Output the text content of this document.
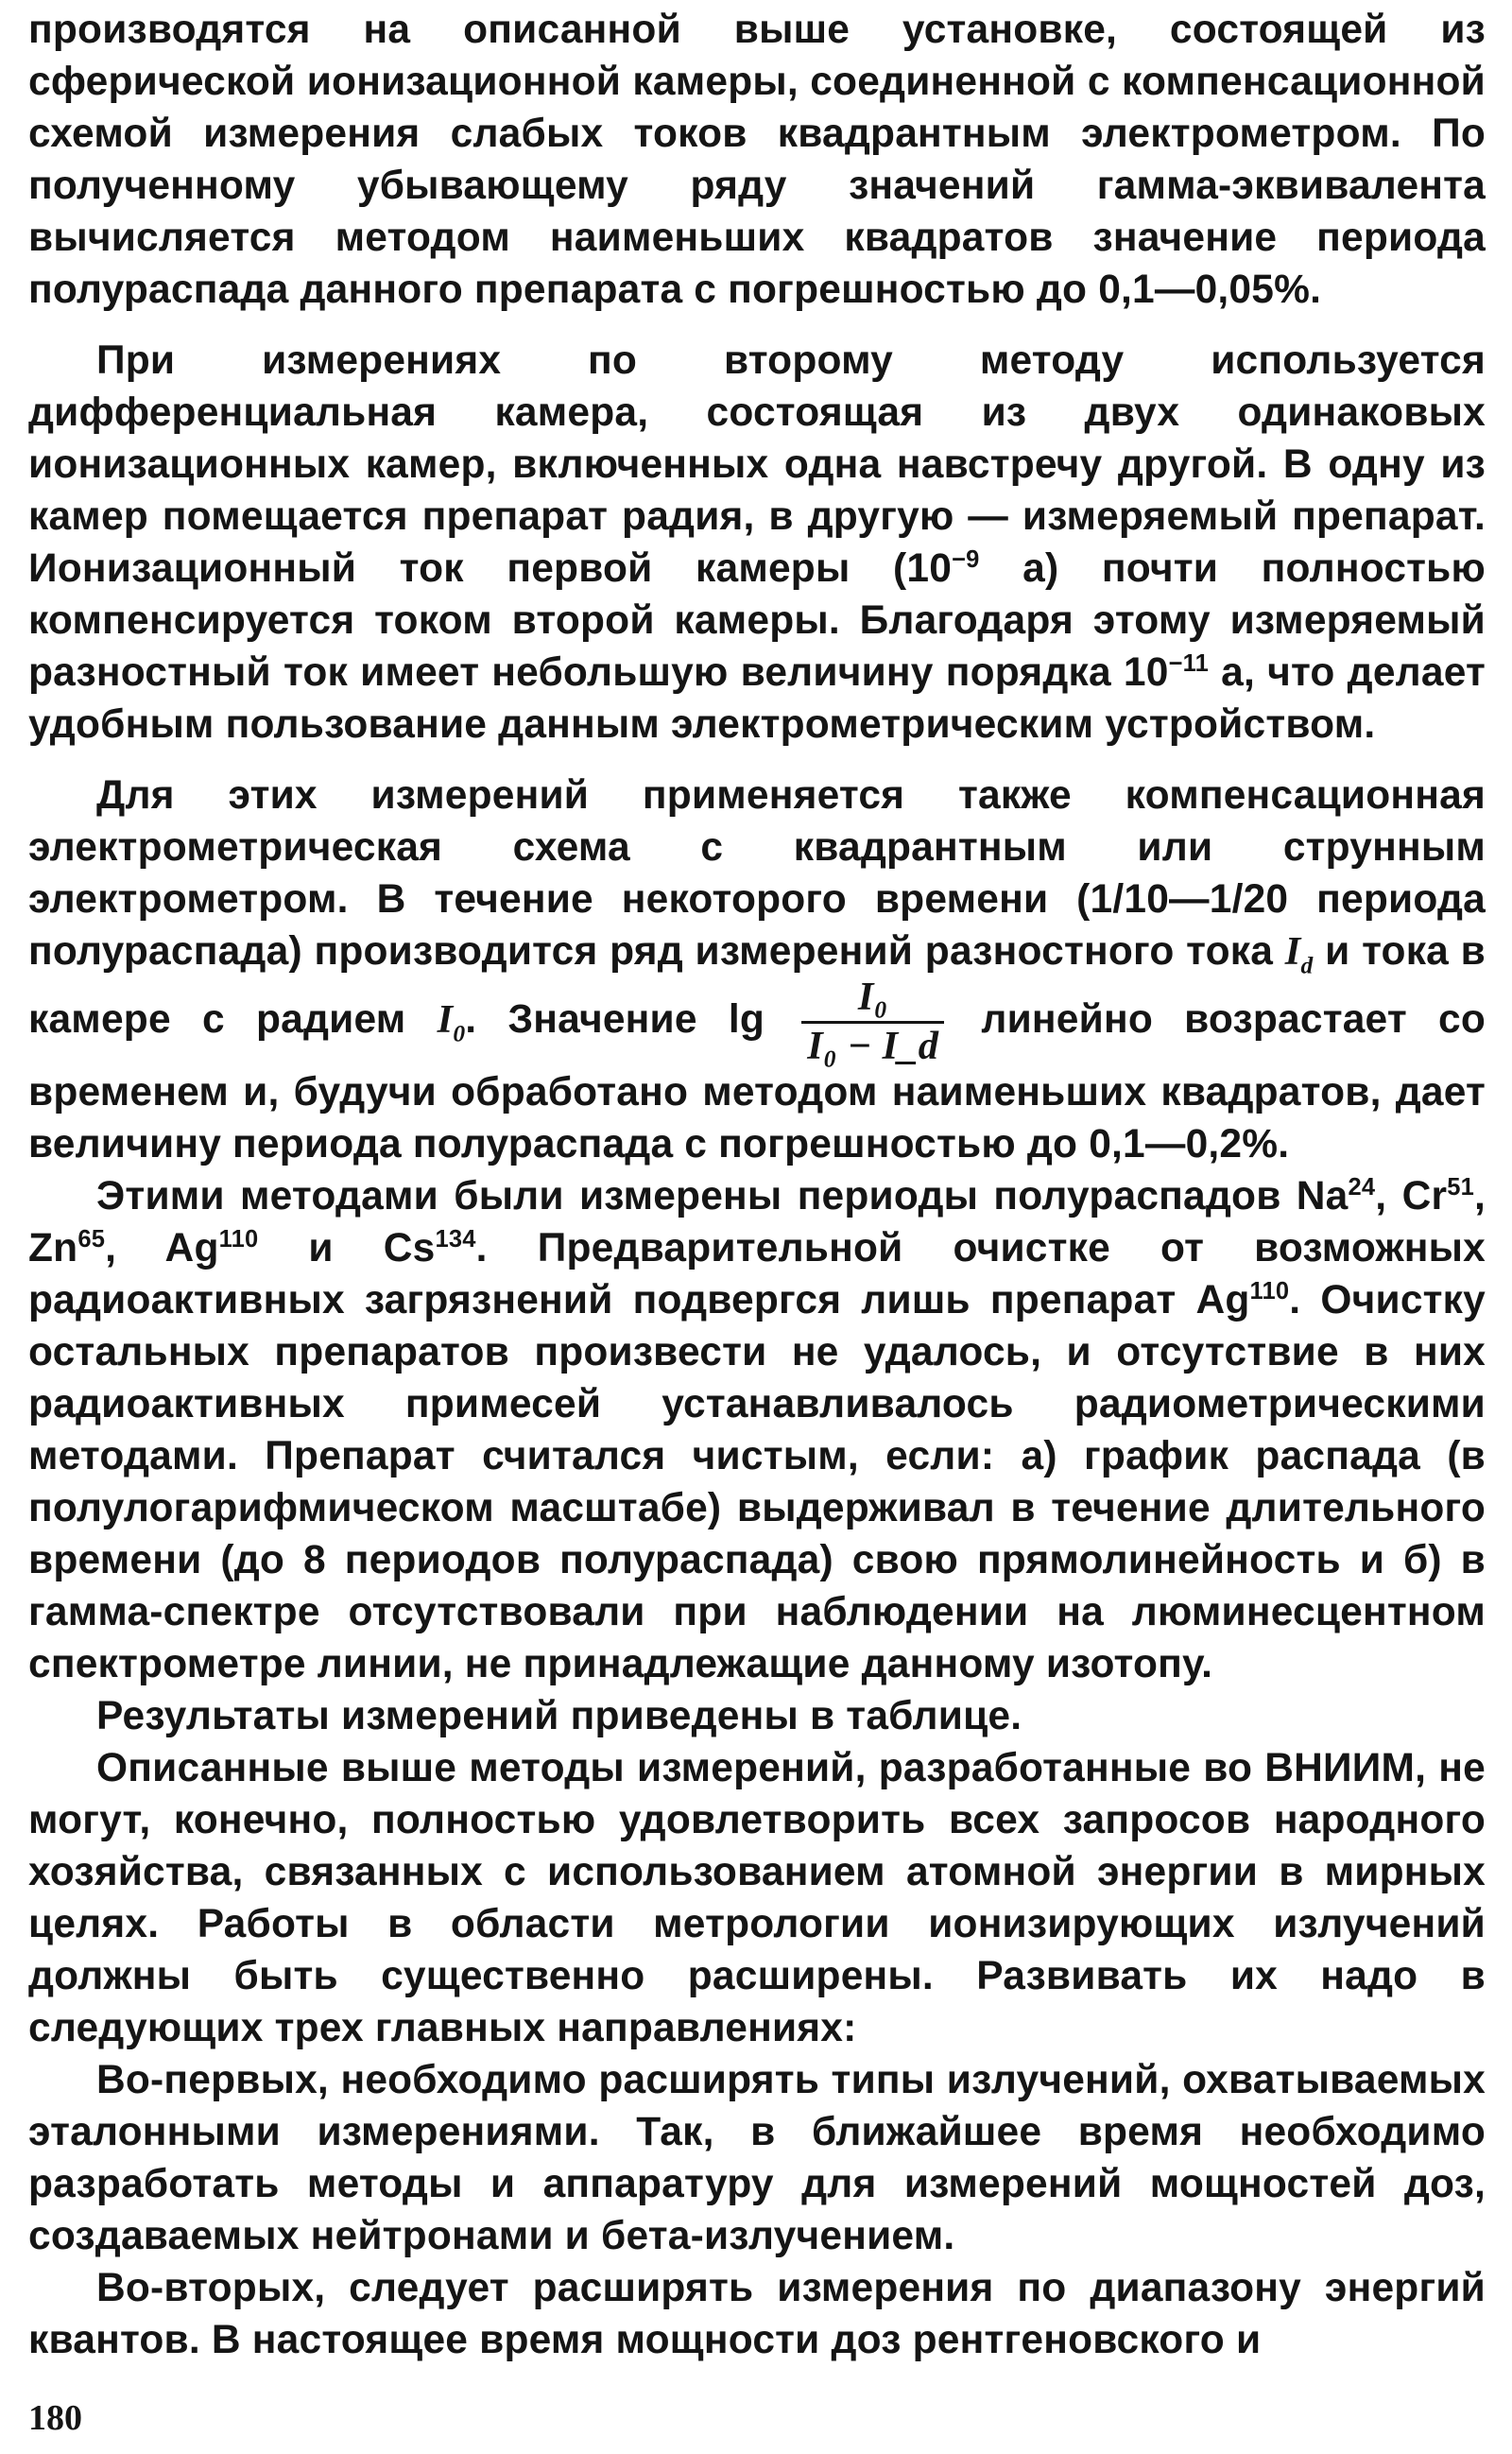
производятся на описанной выше установке, состоящей из сферической ионизационной камеры, соединенной с компенсационной схемой измерения слабых токов квадрантным электрометром. По полученному убывающему ряду значений гамма-эквивалента вычисляется методом наименьших квадратов значение периода полураспада данного препарата с погрешностью до 0,1—0,05%.

При измерениях по второму методу используется дифференциальная камера, состоящая из двух одинаковых ионизационных камер, включенных одна навстречу другой. В одну из камер помещается препарат радия, в другую — измеряемый препарат. Ионизационный ток первой камеры ($10^{-9}$ a) почти полностью компенсируется током второй камеры. Благодаря этому измеряемый разностный ток имеет небольшую величину порядка $10^{-11}$ a, что делает удобным пользование данным электрометрическим устройством.

Для этих измерений применяется также компенсационная электрометрическая схема с квадрантным или струнным электрометром. В течение некоторого времени (1/10—1/20 периода полураспада) производится ряд измерений разностного тока $I_d$ и тока в камере с радием $I_0$. Значение $\lg \frac{\text{I₀}}{\text{I₀ − I\_d}}$ линейно возрастает со временем и, будучи обработано методом наименьших квадратов, дает величину периода полураспада с погрешностью до 0,1—0,2%.

Этими методами были измерены периоды полураспадов Na$^{24}$, Cr$^{51}$, Zn$^{65}$, Ag$^{110}$ и Cs$^{134}$. Предварительной очистке от возможных радиоактивных загрязнений подвергся лишь препарат Ag$^{110}$. Очистку остальных препаратов произвести не удалось, и отсутствие в них радиоактивных примесей устанавливалось радиометрическими методами. Препарат считался чистым, если: а) график распада (в полулогарифмическом масштабе) выдерживал в течение длительного времени (до 8 периодов полураспада) свою прямолинейность и б) в гамма-спектре отсутствовали при наблюдении на люминесцентном спектрометре линии, не принадлежащие данному изотопу.

Результаты измерений приведены в таблице.

Описанные выше методы измерений, разработанные во ВНИИМ, не могут, конечно, полностью удовлетворить всех запросов народного хозяйства, связанных с использованием атомной энергии в мирных целях. Работы в области метрологии ионизирующих излучений должны быть существенно расширены. Развивать их надо в следующих трех главных направлениях:

Во-первых, необходимо расширять типы излучений, охватываемых эталонными измерениями. Так, в ближайшее время необходимо разработать методы и аппаратуру для измерений мощностей доз, создаваемых нейтронами и бета-излучением.

Во-вторых, следует расширять измерения по диапазону энергий квантов. В настоящее время мощности доз рентгеновского и

180
